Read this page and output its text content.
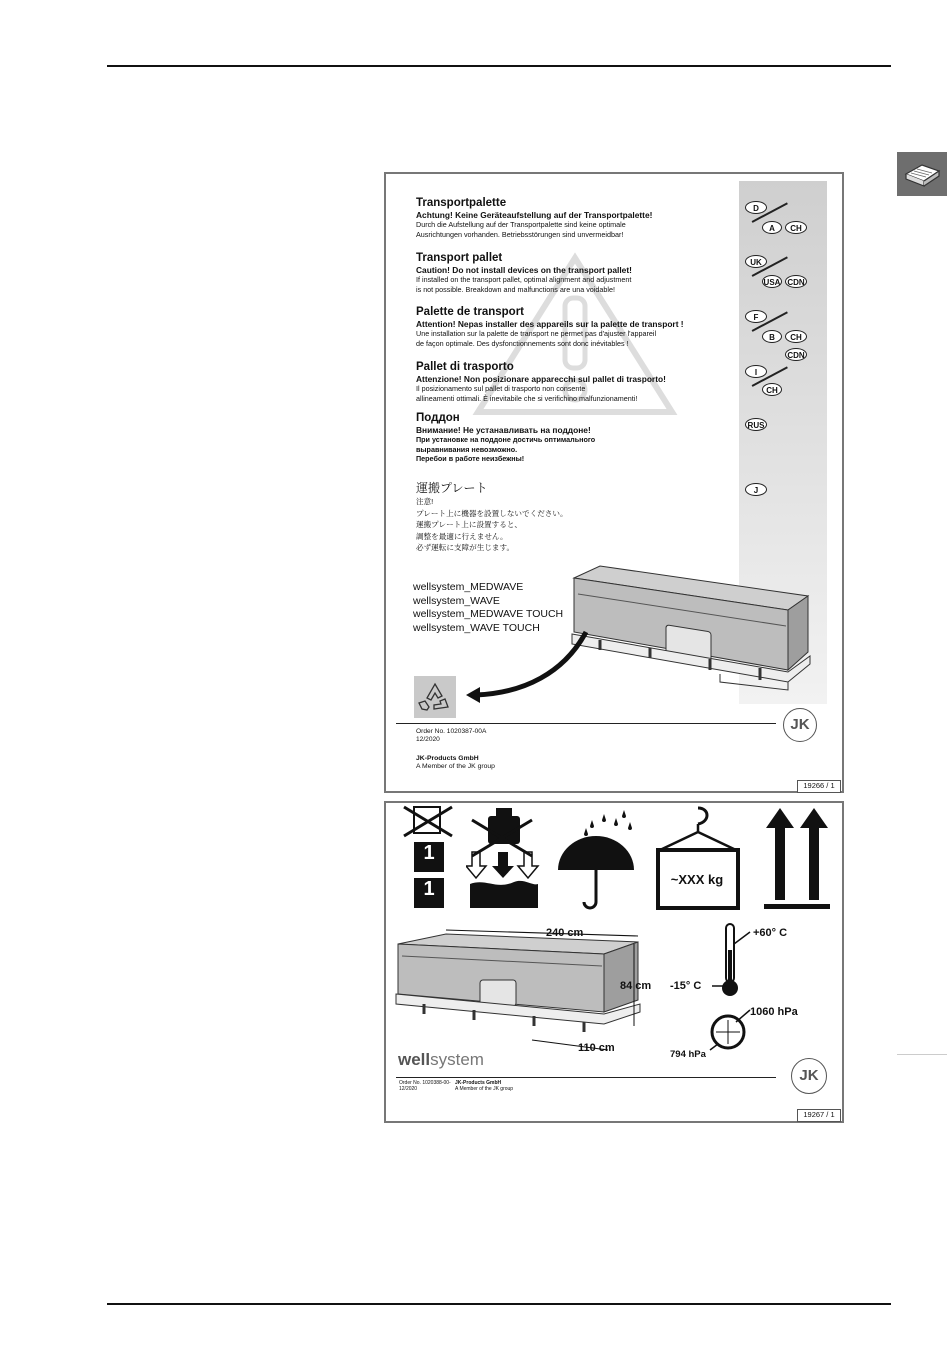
Transportpalette
Achtung! Keine Geräteaufstellung auf der Transportpalette!
Durch die Aufstellung auf der Transportpalette sind keine optimale
Ausrichtungen vorhanden. Betriebsstörungen sind unvermeidbar!
Transport pallet
Caution! Do not install devices on the transport pallet!
If installed on the transport pallet, optimal alignment and adjustment
is not possible. Breakdown and malfunctions are una voidable!
Palette de transport
Attention! Nepas installer des appareils sur la palette de transport !
Une installation sur la palette de transport ne permet pas d'ajuster l'appareil
de façon optimale. Des dysfonctionnements sont donc inévitables !
Pallet di trasporto
Attenzione! Non posizionare apparecchi sul pallet di trasporto!
Il posizionamento sul pallet di trasporto non consente
allineamenti ottimali. È inevitabile che si verifichino malfunzionamenti!
Поддон
Внимание! Не устанавливать на поддоне!
При установке на поддоне достичь оптимального
выравнивания невозможно.
Перебои в работе неизбежны!
運搬プレート
注意!
プレート上に機器を設置しないでください。
運搬プレート上に設置すると、
調整を最適に行えません。
必ず運転に支障が生じます。
D
A	CH
UK
USA CDN
F
B	CH
CDN
I
CH
RUS
J
wellsystem_MEDWAVE
wellsystem_WAVE
wellsystem_MEDWAVE TOUCH
wellsystem_WAVE TOUCH
Order No. 1020387-00A
12/2020
JK-Products GmbH
A Member of the JK group
JK
19266 / 1
1
1	~XXX kg
240 cm
84 cm
110 cm
+60° C
-15° C
1060 hPa
794 hPa
wellsystem
JK
Order No. 1020388-00-
12/2020
JK-Products GmbH
A Member of the JK group
19267 / 1
